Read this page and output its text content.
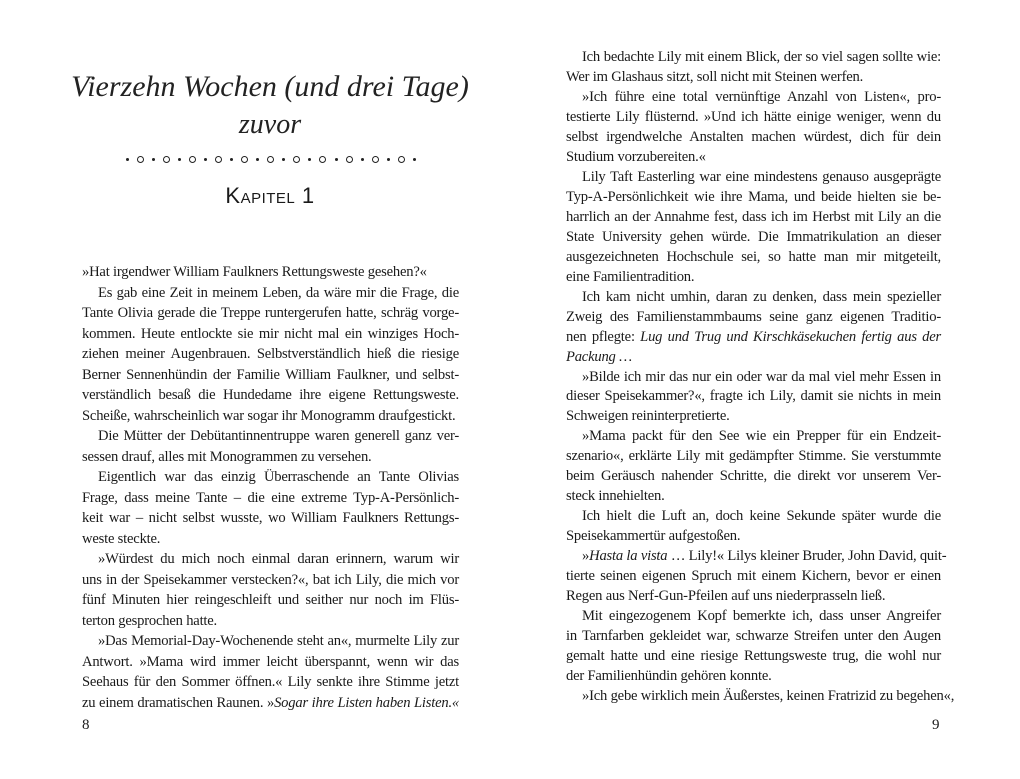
Vierzehn Wochen (und drei Tage)
zuvor
Kapitel 1
»Hat irgendwer William Faulkners Rettungsweste gesehen?«
Es gab eine Zeit in meinem Leben, da wäre mir die Frage, die
Tante Olivia gerade die Treppe runtergerufen hatte, schräg vorge-
kommen. Heute entlockte sie mir nicht mal ein winziges Hoch-
ziehen meiner Augenbrauen. Selbstverständlich hieß die riesige
Berner Sennenhündin der Familie William Faulkner, und selbst-
verständlich besaß die Hundedame ihre eigene Rettungsweste.
Scheiße, wahrscheinlich war sogar ihr Monogramm draufgestickt.
Die Mütter der Debütantinnentruppe waren generell ganz ver-
sessen drauf, alles mit Monogrammen zu versehen.
Eigentlich war das einzig Überraschende an Tante Olivias
Frage, dass meine Tante – die eine extreme Typ-A-Persönlich-
keit war – nicht selbst wusste, wo William Faulkners Rettungs-
weste steckte.
»Würdest du mich noch einmal daran erinnern, warum wir
uns in der Speisekammer verstecken?«, bat ich Lily, die mich vor
fünf Minuten hier reingeschleift und seither nur noch im Flüs-
terton gesprochen hatte.
»Das Memorial-Day-Wochenende steht an«, murmelte Lily zur
Antwort. »Mama wird immer leicht überspannt, wenn wir das
Seehaus für den Sommer öffnen.« Lily senkte ihre Stimme jetzt
zu einem dramatischen Raunen. »Sogar ihre Listen haben Listen.«
8
Ich bedachte Lily mit einem Blick, der so viel sagen sollte wie:
Wer im Glashaus sitzt, soll nicht mit Steinen werfen.
»Ich führe eine total vernünftige Anzahl von Listen«, pro-
testierte Lily flüsternd. »Und ich hätte einige weniger, wenn du
selbst irgendwelche Anstalten machen würdest, dich für dein
Studium vorzubereiten.«
Lily Taft Easterling war eine mindestens genauso ausgeprägte
Typ-A-Persönlichkeit wie ihre Mama, und beide hielten sie be-
harrlich an der Annahme fest, dass ich im Herbst mit Lily an die
State University gehen würde. Die Immatrikulation an dieser
ausgezeichneten Hochschule sei, so hatte man mir mitgeteilt,
eine Familientradition.
Ich kam nicht umhin, daran zu denken, dass mein spezieller
Zweig des Familienstammbaums seine ganz eigenen Traditio-
nen pflegte: Lug und Trug und Kirschkäsekuchen fertig aus der
Packung …
»Bilde ich mir das nur ein oder war da mal viel mehr Essen in
dieser Speisekammer?«, fragte ich Lily, damit sie nichts in mein
Schweigen reininterpretierte.
»Mama packt für den See wie ein Prepper für ein Endzeit-
szenario«, erklärte Lily mit gedämpfter Stimme. Sie verstummte
beim Geräusch nahender Schritte, die direkt vor unserem Ver-
steck innehielten.
Ich hielt die Luft an, doch keine Sekunde später wurde die
Speisekammertür aufgestoßen.
»Hasta la vista … Lily!« Lilys kleiner Bruder, John David, quit-
tierte seinen eigenen Spruch mit einem Kichern, bevor er einen
Regen aus Nerf-Gun-Pfeilen auf uns niederprasseln ließ.
Mit eingezogenem Kopf bemerkte ich, dass unser Angreifer
in Tarnfarben gekleidet war, schwarze Streifen unter den Augen
gemalt hatte und eine riesige Rettungsweste trug, die wohl nur
der Familienhündin gehören konnte.
»Ich gebe wirklich mein Äußerstes, keinen Fratrizid zu begehen«,
9
